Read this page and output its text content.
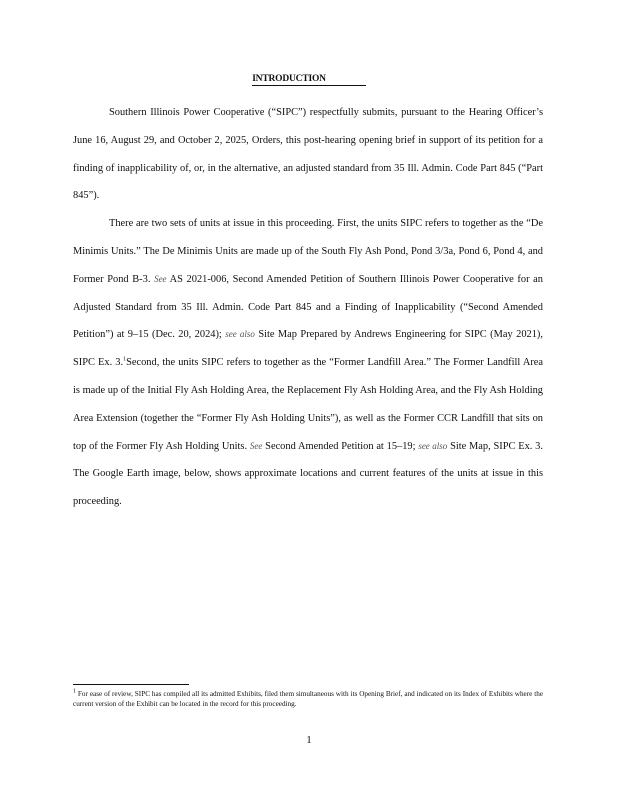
INTRODUCTION

Southern Illinois Power Cooperative (“SIPC”) respectfully submits, pursuant to the Hearing Officer’s June 16, August 29, and October 2, 2025, Orders, this post-hearing opening brief in support of its petition for a finding of inapplicability of, or, in the alternative, an adjusted standard from 35 Ill. Admin. Code Part 845 (“Part 845”).

There are two sets of units at issue in this proceeding. First, the units SIPC refers to together as the “De Minimis Units.” The De Minimis Units are made up of the South Fly Ash Pond, Pond 3/3a, Pond 6, Pond 4, and Former Pond B-3. See AS 2021-006, Second Amended Petition of Southern Illinois Power Cooperative for an Adjusted Standard from 35 Ill. Admin. Code Part 845 and a Finding of Inapplicability (“Second Amended Petition”) at 9–15 (Dec. 20, 2024); see also Site Map Prepared by Andrews Engineering for SIPC (May 2021), SIPC Ex. 3.$^1$Second, the units SIPC refers to together as the “Former Landfill Area.” The Former Landfill Area is made up of the Initial Fly Ash Holding Area, the Replacement Fly Ash Holding Area, and the Fly Ash Holding Area Extension (together the “Former Fly Ash Holding Units”), as well as the Former CCR Landfill that sits on top of the Former Fly Ash Holding Units. See Second Amended Petition at 15–19; see also Site Map, SIPC Ex. 3. The Google Earth image, below, shows approximate locations and current features of the units at issue in this proceeding.

$^1$ For ease of review, SIPC has compiled all its admitted Exhibits, filed them simultaneous with its Opening Brief, and indicated on its Index of Exhibits where the current version of the Exhibit can be located in the record for this proceeding.
1
